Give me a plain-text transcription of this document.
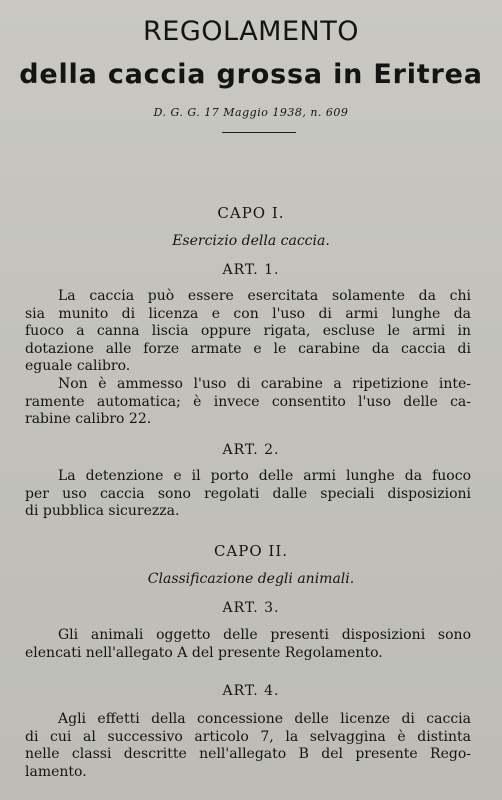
REGOLAMENTO
della caccia grossa in Eritrea
D. G. G. 17 Maggio 1938, n. 609
CAPO I.
Esercizio della caccia.
ART. 1.
La caccia può essere esercitata solamente da chi
sia munito di licenza e con l'uso di armi lunghe da
fuoco a canna liscia oppure rigata, escluse le armi in
dotazione alle forze armate e le carabine da caccia di
eguale calibro.
Non è ammesso l'uso di carabine a ripetizione inte-
ramente automatica; è invece consentito l'uso delle ca-
rabine calibro 22.
ART. 2.
La detenzione e il porto delle armi lunghe da fuoco
per uso caccia sono regolati dalle speciali disposizioni
di pubblica sicurezza.
CAPO II.
Classificazione degli animali.
ART. 3.
Gli animali oggetto delle presenti disposizioni sono
elencati nell'allegato A del presente Regolamento.
ART. 4.
Agli effetti della concessione delle licenze di caccia
di cui al successivo articolo 7, la selvaggina è distinta
nelle classi descritte nell'allegato B del presente Rego-
lamento.
